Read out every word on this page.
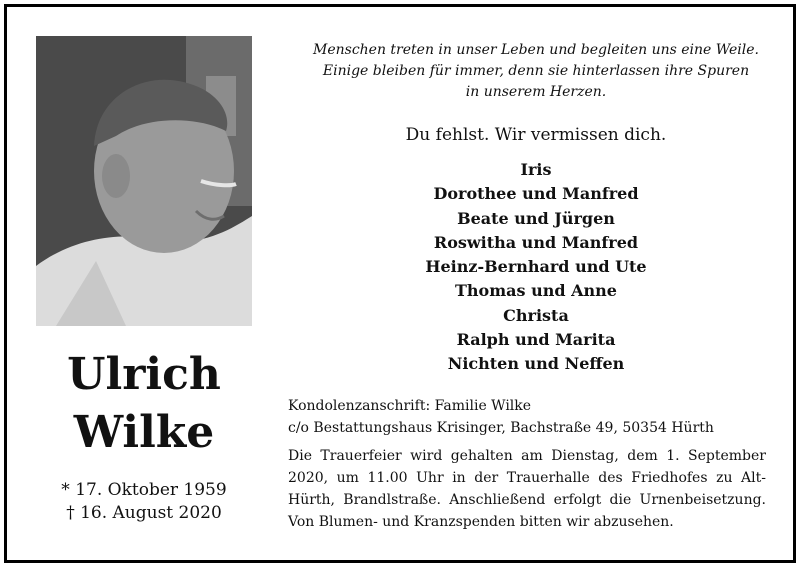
Ulrich
Wilke
* 17. Oktober 1959
† 16. August 2020
Menschen treten in unser Leben und begleiten uns eine Weile.
Einige bleiben für immer, denn sie hinterlassen ihre Spuren
in unserem Herzen.
Du fehlst. Wir vermissen dich.
Iris
Dorothee und Manfred
Beate und Jürgen
Roswitha und Manfred
Heinz-Bernhard und Ute
Thomas und Anne
Christa
Ralph und Marita
Nichten und Neffen
Kondolenzanschrift: Familie Wilke
c/o Bestattungshaus Krisinger, Bachstraße 49, 50354 Hürth
Die Trauerfeier wird gehalten am Dienstag, dem 1. September 2020, um 11.00 Uhr in der Trauerhalle des Friedhofes zu Alt-Hürth, Brandlstraße. Anschließend erfolgt die Urnenbeisetzung. Von Blumen- und Kranzspenden bitten wir abzusehen.
